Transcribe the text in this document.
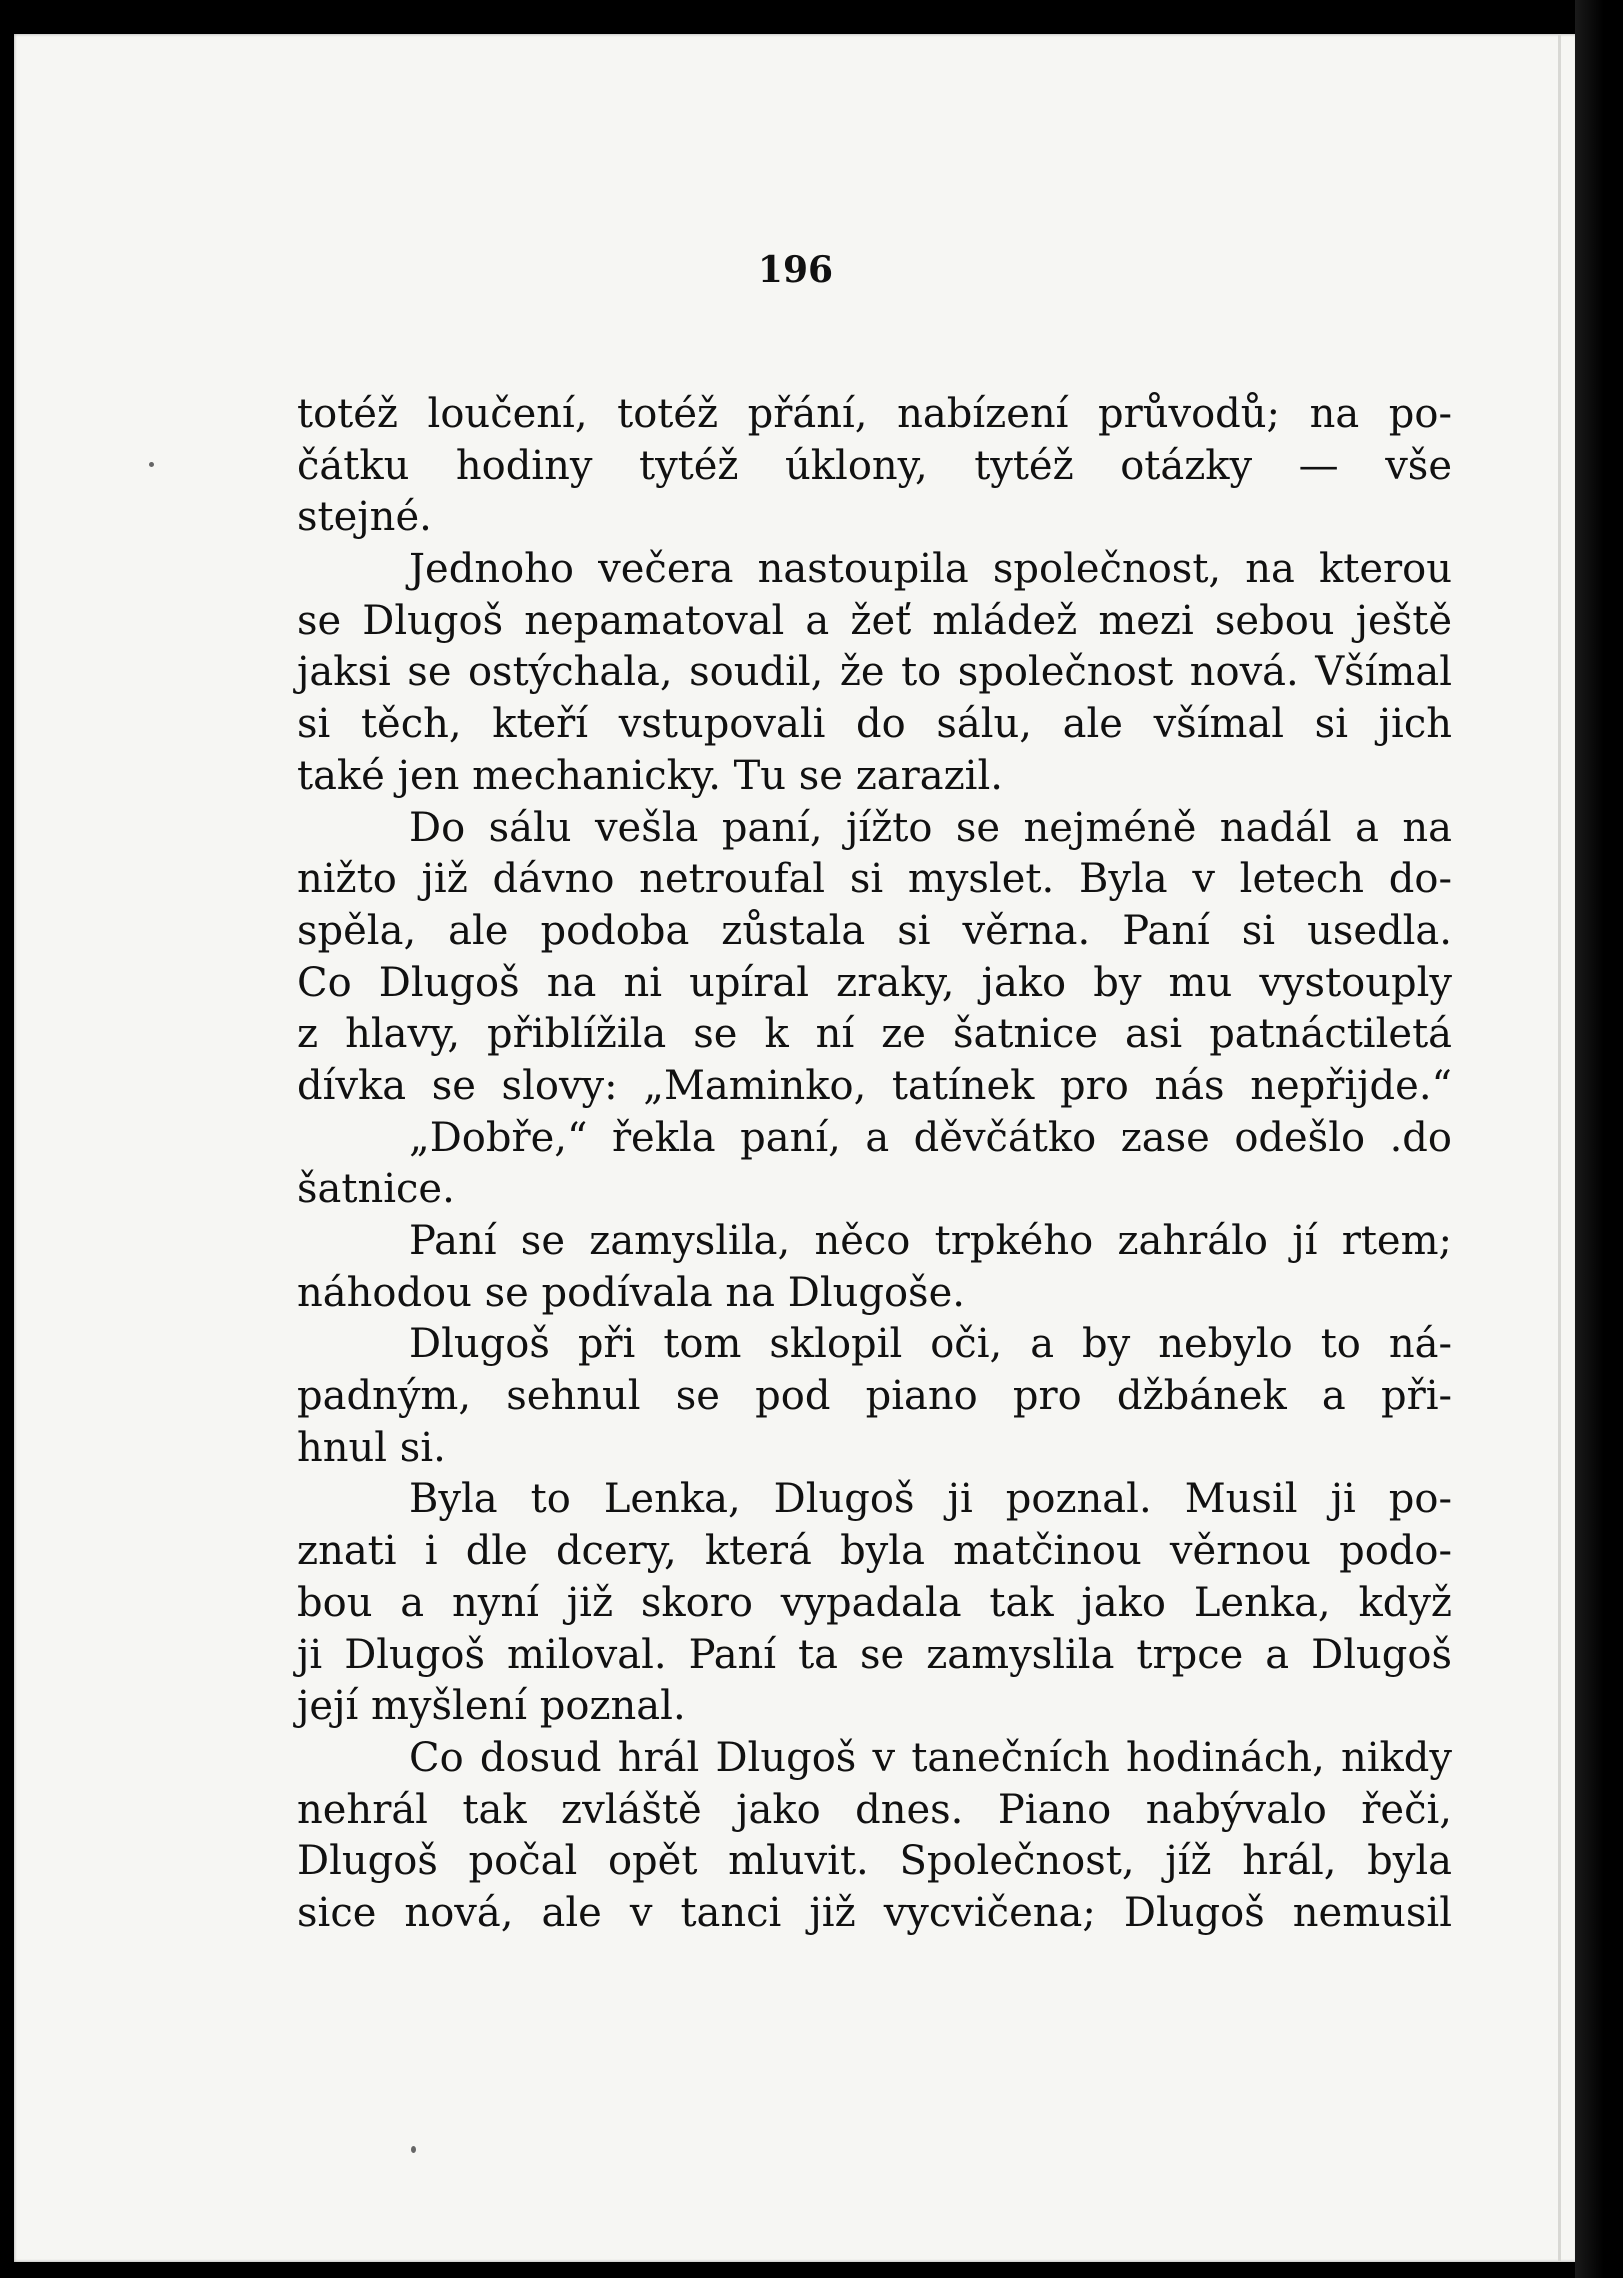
196
totéž loučení, totéž přání, nabízení průvodů; na po-
čátku hodiny tytéž úklony, tytéž otázky — vše
stejné.
Jednoho večera nastoupila společnost, na kterou
se Dlugoš nepamatoval a žeť mládež mezi sebou ještě
jaksi se ostýchala, soudil, že to společnost nová. Všímal
si těch, kteří vstupovali do sálu, ale všímal si jich
také jen mechanicky. Tu se zarazil.
Do sálu vešla paní, jížto se nejméně nadál a na
nižto již dávno netroufal si myslet. Byla v letech do-
spěla, ale podoba zůstala si věrna. Paní si usedla.
Co Dlugoš na ni upíral zraky, jako by mu vystouply
z hlavy, přiblížila se k ní ze šatnice asi patnáctiletá
dívka se slovy: „Maminko, tatínek pro nás nepřijde.“
„Dobře,“ řekla paní, a děvčátko zase odešlo .do
šatnice.
Paní se zamyslila, něco trpkého zahrálo jí rtem;
náhodou se podívala na Dlugoše.
Dlugoš při tom sklopil oči, a by nebylo to ná-
padným, sehnul se pod piano pro džbánek a při-
hnul si.
Byla to Lenka, Dlugoš ji poznal. Musil ji po-
znati i dle dcery, která byla matčinou věrnou podo-
bou a nyní již skoro vypadala tak jako Lenka, když
ji Dlugoš miloval. Paní ta se zamyslila trpce a Dlugoš
její myšlení poznal.
Co dosud hrál Dlugoš v tanečních hodinách, nikdy
nehrál tak zvláště jako dnes. Piano nabývalo řeči,
Dlugoš počal opět mluvit. Společnost, jíž hrál, byla
sice nová, ale v tanci již vycvičena; Dlugoš nemusil
